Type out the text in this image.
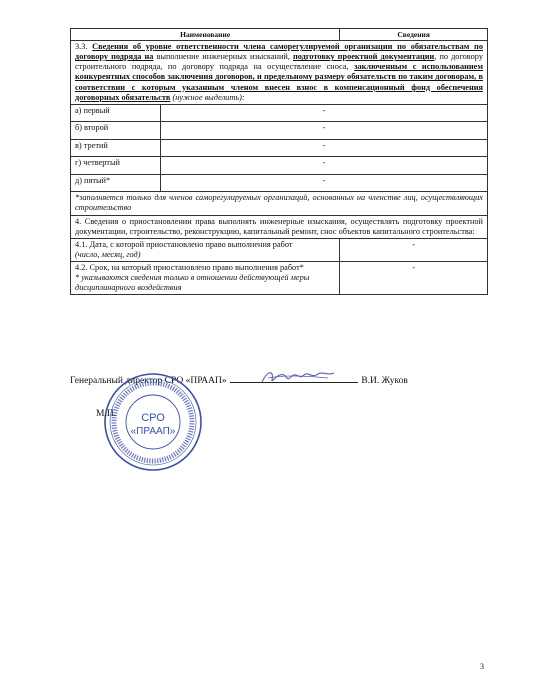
Наименование		Сведения
3.3. Сведения об уровне ответственности члена саморегулируемой организации по обязательствам по договору подряда на выполнение инженерных изысканий, подготовку проектной документации, по договору строительного подряда, по договору подряда на осуществление сноса, заключенным с использованием конкурентных способов заключения договоров, и предельному размеру обязательств по таким договорам, в соответствии с которым указанным членом внесен взнос в компенсационный фонд обеспечения договорных обязательств (нужное выделить):		
а) первый	-	
б) второй	-	
в) третий	-	
г) четвертый	-	
д) пятый*	-	
*заполняется только для членов саморегулируемых организаций, основанных на членстве лиц, осуществляющих строительство		
4. Сведения о приостановлении права выполнять инженерные изыскания, осуществлять подготовку проектной документации, строительство, реконструкцию, капитальный ремонт, снос объектов капитального строительства:		

4.1. Дата, с которой приостановлено право выполнения работ
(число, месяц, год)		-

4.2. Срок, на который приостановлено право выполнения работ*
* указываются сведения только в отношении действующей меры дисциплинарного воздействия		-
Генеральный директор СРО «ПРААП»	В.И. Жуков
СРО
«ПРААП»
М.П.
3
